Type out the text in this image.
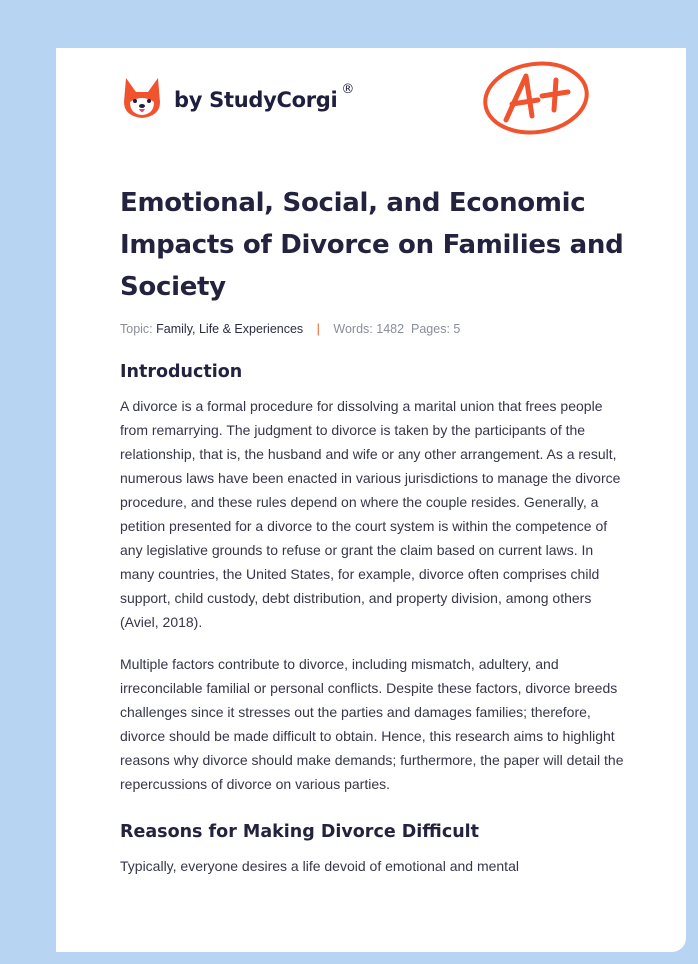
by StudyCorgi ®
Emotional, Social, and Economic Impacts of Divorce on Families and Society
Topic: Family, Life & Experiences | Words: 1482 Pages: 5
Introduction

A divorce is a formal procedure for dissolving a marital union that frees people from remarrying. The judgment to divorce is taken by the participants of the relationship, that is, the husband and wife or any other arrangement. As a result, numerous laws have been enacted in various jurisdictions to manage the divorce procedure, and these rules depend on where the couple resides. Generally, a petition presented for a divorce to the court system is within the competence of any legislative grounds to refuse or grant the claim based on current laws. In many countries, the United States, for example, divorce often comprises child support, child custody, debt distribution, and property division, among others (Aviel, 2018).

Multiple factors contribute to divorce, including mismatch, adultery, and irreconcilable familial or personal conflicts. Despite these factors, divorce breeds challenges since it stresses out the parties and damages families; therefore, divorce should be made difficult to obtain. Hence, this research aims to highlight reasons why divorce should make demands; furthermore, the paper will detail the repercussions of divorce on various parties.

Reasons for Making Divorce Difficult

Typically, everyone desires a life devoid of emotional and mental
